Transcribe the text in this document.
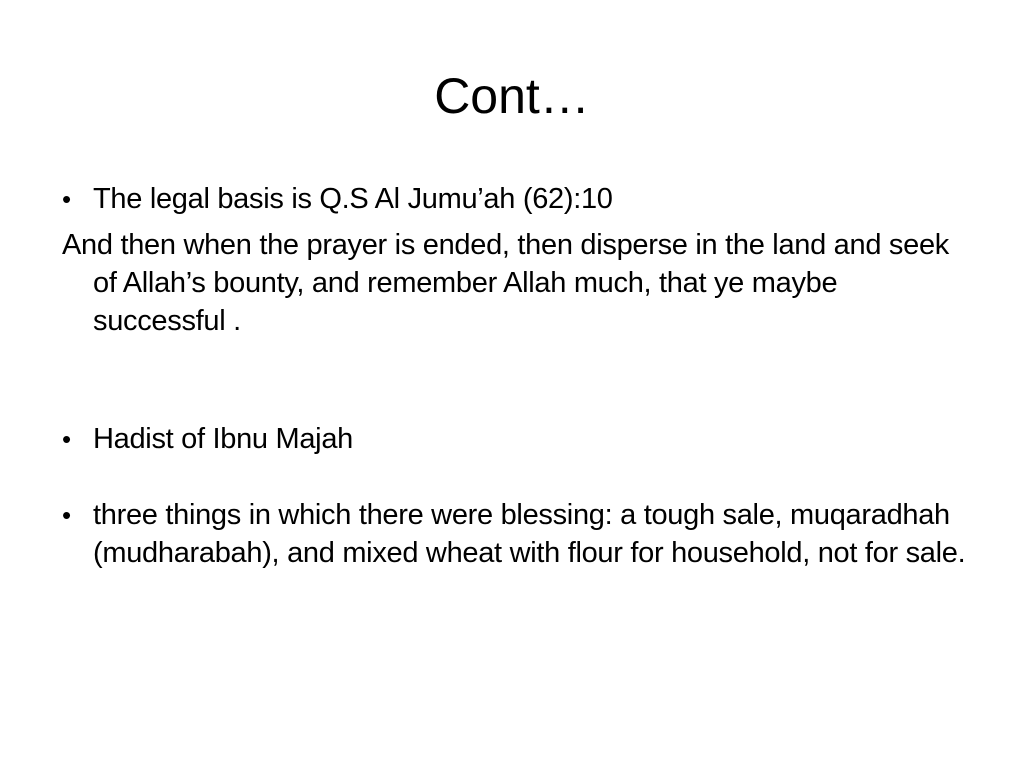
Cont…

• The legal basis is Q.S Al Jumu’ah (62):10

And then when the prayer is ended, then disperse in the land and seek of Allah’s bounty, and remember Allah much, that ye maybe successful .

• Hadist of Ibnu Majah

• three things in which there were blessing: a tough sale, muqaradhah (mudharabah), and mixed wheat with flour for household, not for sale.
